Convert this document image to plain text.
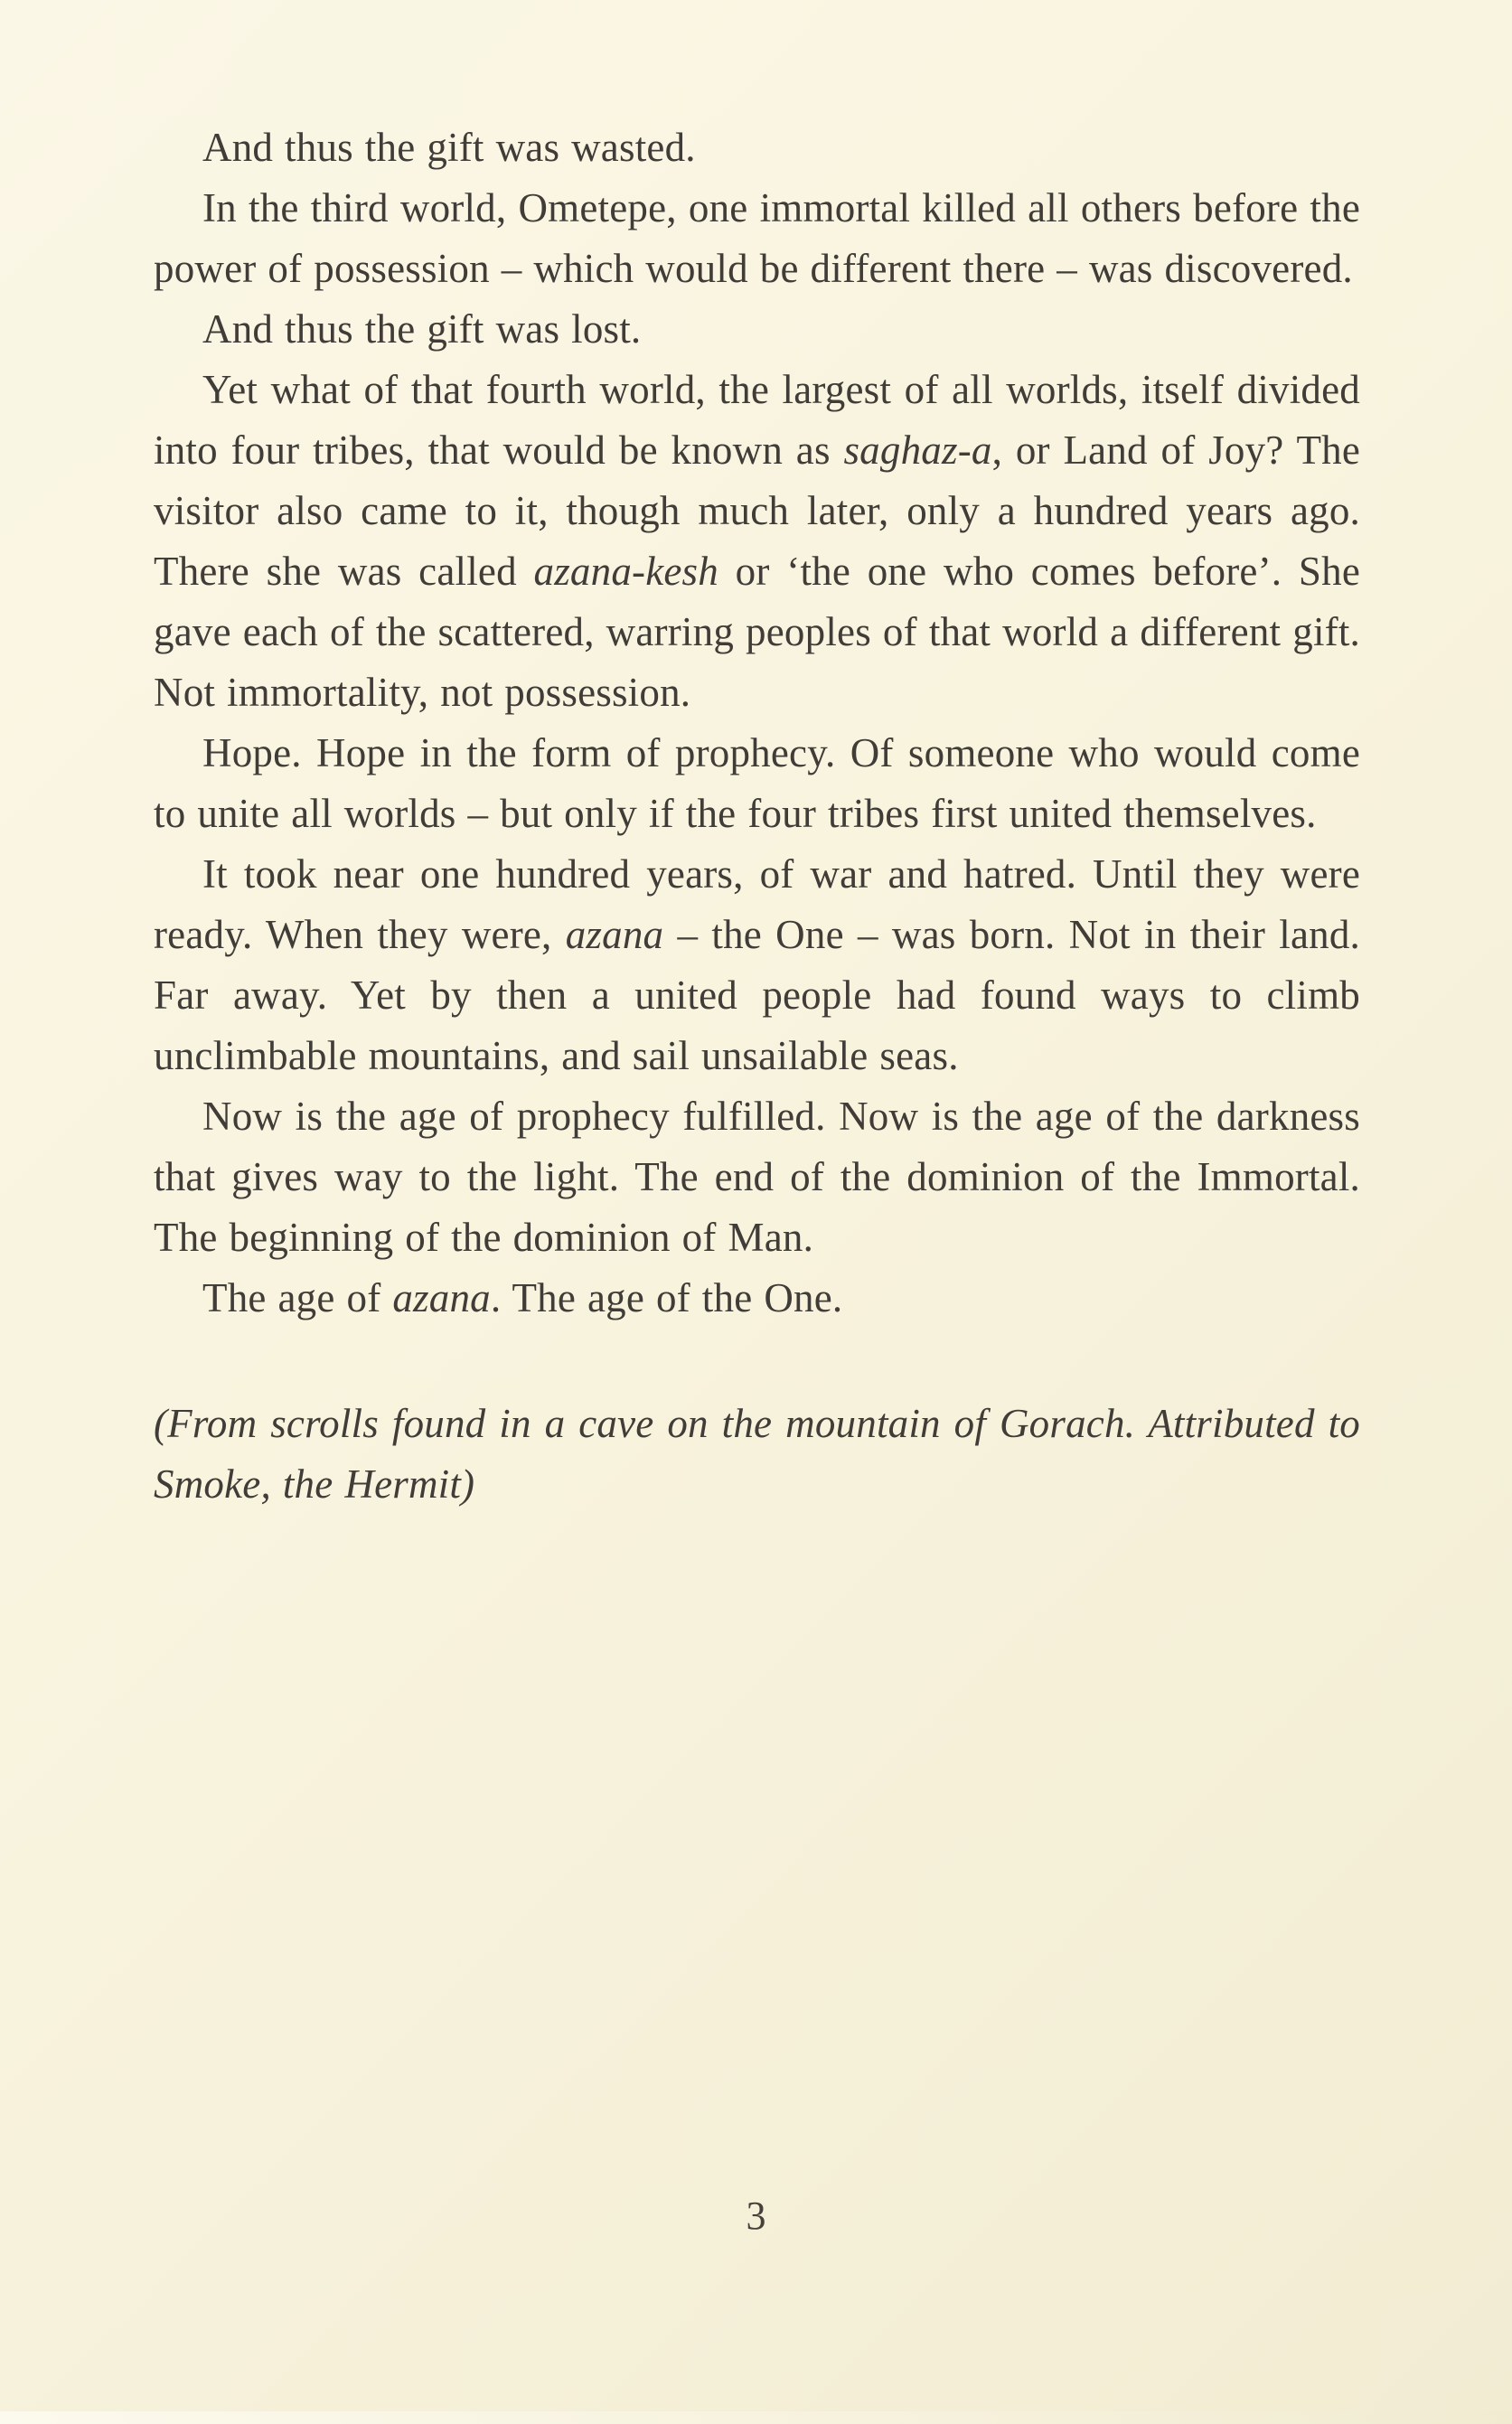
And thus the gift was wasted.

In the third world, Ometepe, one immortal killed all others before the power of possession – which would be different there – was discovered.

And thus the gift was lost.

Yet what of that fourth world, the largest of all worlds, itself divided into four tribes, that would be known as saghaz-a, or Land of Joy? The visitor also came to it, though much later, only a hundred years ago. There she was called azana-kesh or ‘the one who comes before’. She gave each of the scattered, warring peoples of that world a different gift. Not immortality, not possession.

Hope. Hope in the form of prophecy. Of someone who would come to unite all worlds – but only if the four tribes first united themselves.

It took near one hundred years, of war and hatred. Until they were ready. When they were, azana – the One – was born. Not in their land. Far away. Yet by then a united people had found ways to climb unclimbable mountains, and sail unsailable seas.

Now is the age of prophecy fulfilled. Now is the age of the darkness that gives way to the light. The end of the dominion of the Immortal. The beginning of the dominion of Man.

The age of azana. The age of the One.

(From scrolls found in a cave on the mountain of Gorach. Attributed to Smoke, the Hermit)

3
